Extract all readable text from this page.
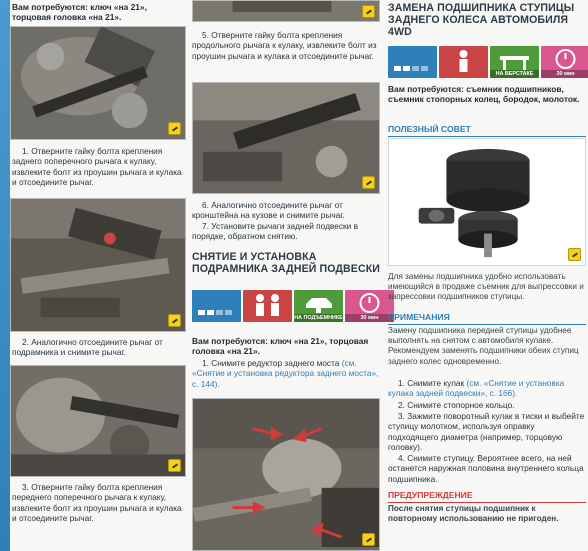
Вам потребуются: ключ «на 21», торцовая головка «на 21».
1. Отверните гайку болта крепления заднего поперечного рычага к кулаку, извлеките болт из проушин рычага и кулака и отсоедините рычаг.
2. Аналогично отсоедините рычаг от подрамника и снимите рычаг.
3. Отверните гайку болта крепления переднего поперечного рычага к кулаку, извлеките болт из проушин рычага и кулака и отсоедините рычаг.
5. Отверните гайку болта крепления продольного рычага к кулаку, извлеките болт из проушин рычага и кулака и отсоедините рычаг.
6. Аналогично отсоедините рычаг от кронштейна на кузове и снимите рычаг.
7. Установите рычаги задней подвески в порядке, обратном снятию.
СНЯТИЕ И УСТАНОВКА ПОДРАМНИКА ЗАДНЕЙ ПОДВЕСКИ
НА ПОДЪЕМНИКЕ	30 мин
Вам потребуются: ключ «на 21», торцовая головка «на 21».
1. Снимите редуктор заднего моста (см. «Снятие и установка редуктора заднего моста», с. 144).
ЗАМЕНА ПОДШИПНИКА СТУПИЦЫ ЗАДНЕГО КОЛЕСА АВТОМОБИЛЯ 4WD
НА ВЕРСТАКЕ	30 мин
Вам потребуются: съемник подшипников, съемник стопорных колец, бородок, молоток.
ПОЛЕЗНЫЙ СОВЕТ
Для замены подшипника удобно использовать имеющийся в продаже съемник для выпрессовки и запрессовки подшипников ступицы.
ПРИМЕЧАНИЯ
Замену подшипника передней ступицы удобнее выполнять на снятом с автомобиля кулаке. Рекомендуем заменять подшипники обеих ступиц заднего колес одновременно.
1. Снимите кулак (см. «Снятие и установка кулака задней подвески», с. 166).
2. Снимите стопорное кольцо.
3. Зажмите поворотный кулак в тиски и выбейте ступицу молотком, используя оправку подходящего диаметра (например, торцовую головку).
4. Снимите ступицу. Вероятнее всего, на ней останется наружная половина внутреннего кольца подшипника.
ПРЕДУПРЕЖДЕНИЕ
После снятия ступицы подшипник к повторному использованию не пригоден.
